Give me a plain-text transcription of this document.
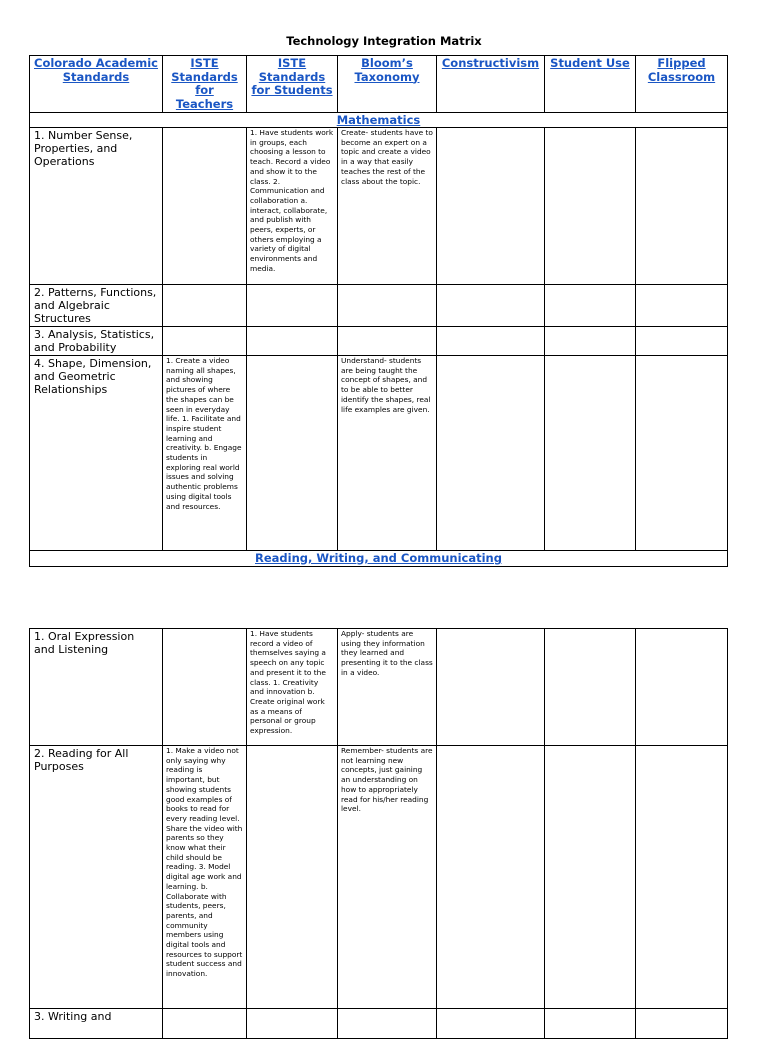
Technology Integration Matrix
Colorado Academic Standards	ISTE Standards for Teachers	ISTE Standards for Students	Bloom’s Taxonomy	Constructivism	Student Use	Flipped Classroom
Mathematics						
1. Number Sense, Properties, and Operations		1. Have students work in groups, each choosing a lesson to teach. Record a video and show it to the class. 2. Communication and collaboration a. interact, collaborate, and publish with peers, experts, or others employing a variety of digital environments and media.	Create- students have to become an expert on a topic and create a video in a way that easily teaches the rest of the class about the topic.			
2. Patterns, Functions, and Algebraic Structures						
3. Analysis, Statistics, and Probability						
4. Shape, Dimension, and Geometric Relationships	1. Create a video naming all shapes, and showing pictures of where the shapes can be seen in everyday life. 1. Facilitate and inspire student learning and creativity. b. Engage students in exploring real world issues and solving authentic problems using digital tools and resources.		Understand- students are being taught the concept of shapes, and to be able to better identify the shapes, real life examples are given.			
Reading, Writing, and Communicating						
1. Oral Expression and Listening		1. Have students record a video of themselves saying a speech on any topic and present it to the class. 1. Creativity and innovation b. Create original work as a means of personal or group expression.	Apply- students are using they information they learned and presenting it to the class in a video.			
2. Reading for All Purposes	1. Make a video not only saying why reading is important, but showing students good examples of books to read for every reading level. Share the video with parents so they know what their child should be reading. 3. Model digital age work and learning. b. Collaborate with students, peers, parents, and community members using digital tools and resources to support student success and innovation.		Remember- students are not learning new concepts, just gaining an understanding on how to appropriately read for his/her reading level.			
3. Writing and						
